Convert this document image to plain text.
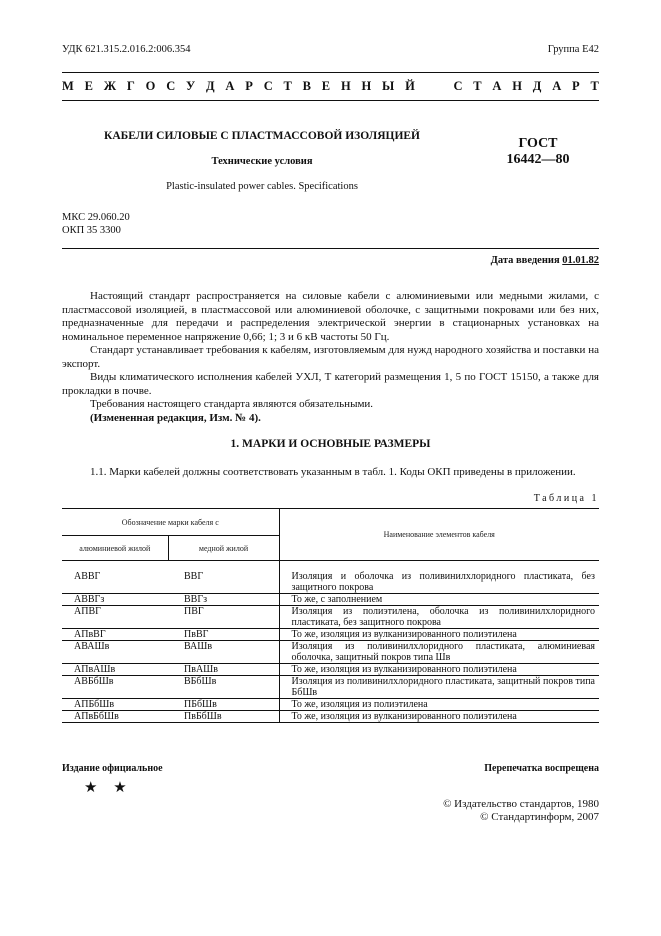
УДК 621.315.2.016.2:006.354	Группа Е42
М Е Ж Г О С У Д А Р С Т В Е Н Н Ы Й

	С Т А Н Д А Р Т
КАБЕЛИ СИЛОВЫЕ С ПЛАСТМАССОВОЙ ИЗОЛЯЦИЕЙ
Технические условия
Plastic-insulated power cables. Specifications
ГОСТ
16442—80
МКС 29.060.20
ОКП 35 3300
Дата введения 01.01.82

Настоящий стандарт распространяется на силовые кабели с алюминиевыми или медными жилами, с пластмассовой изоляцией, в пластмассовой или алюминиевой оболочке, с защитными покровами или без них, предназначенные для передачи и распределения электрической энергии в стационарных установках на номинальное переменное напряжение 0,66; 1; 3 и 6 кВ частоты 50 Гц.

Стандарт устанавливает требования к кабелям, изготовляемым для нужд народного хозяйства и поставки на экспорт.

Виды климатического исполнения кабелей УХЛ, Т категорий размещения 1, 5 по ГОСТ 15150, а также для прокладки в почве.

Требования настоящего стандарта являются обязательными.

(Измененная редакция, Изм. № 4).

1. МАРКИ И ОСНОВНЫЕ РАЗМЕРЫ

1.1. Марки кабелей должны соответствовать указанным в табл. 1. Коды ОКП приведены в приложении.

Таблица 1
Обозначение марки кабеля с		Наименование элементов кабеля
алюминиевой жилой	медной жилой	

АВВГ	ВВГ	Изоляция и оболочка из поливинилхлоридного пластиката, без защитного покрова
АВВГз	ВВГз	То же, с заполнением
АПВГ	ПВГ	Изоляция из полиэтилена, оболочка из поливинилхлоридного пластиката, без защитного покрова
АПвВГ	ПвВГ	То же, изоляция из вулканизированного полиэтилена
АВАШв	ВАШв	Изоляция из поливинилхлоридного пластиката, алюминиевая оболочка, защитный покров типа Шв
АПвАШв	ПвАШв	То же, изоляция из вулканизированного полиэтилена
АВБбШв	ВБбШв	Изоляция из поливинилхлоридного пластиката, защитный покров типа БбШв
АПБбШв	ПБбШв	То же, изоляция из полиэтилена
АПвБбШв	ПвБбШв	То же, изоляция из вулканизированного полиэтилена
Издание официальное	Перепечатка воспрещена
★ ★
© Издательство стандартов, 1980
© Стандартинформ, 2007
